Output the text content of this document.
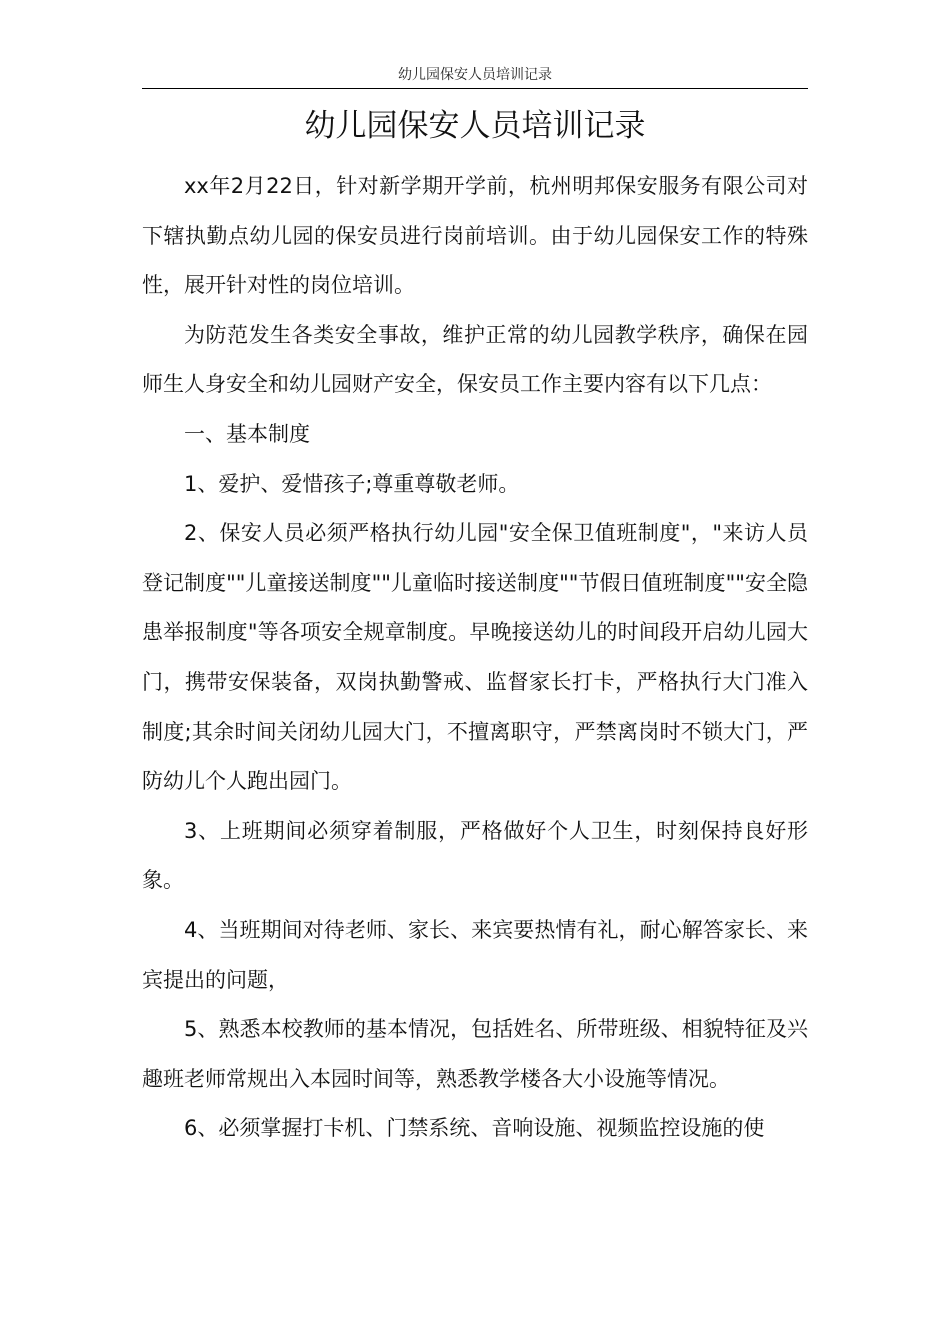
幼儿园保安人员培训记录
幼儿园保安人员培训记录

xx年2月22日，针对新学期开学前，杭州明邦保安服务有限公司对下辖执勤点幼儿园的保安员进行岗前培训。由于幼儿园保安工作的特殊性，展开针对性的岗位培训。

为防范发生各类安全事故，维护正常的幼儿园教学秩序，确保在园师生人身安全和幼儿园财产安全，保安员工作主要内容有以下几点：

一、基本制度

1、爱护、爱惜孩子;尊重尊敬老师。

2、保安人员必须严格执行幼儿园"安全保卫值班制度"，"来访人员登记制度""儿童接送制度""儿童临时接送制度""节假日值班制度""安全隐患举报制度"等各项安全规章制度。早晚接送幼儿的时间段开启幼儿园大门，携带安保装备，双岗执勤警戒、监督家长打卡，严格执行大门准入制度;其余时间关闭幼儿园大门，不擅离职守，严禁离岗时不锁大门，严防幼儿个人跑出园门。

3、上班期间必须穿着制服，严格做好个人卫生，时刻保持良好形象。

4、当班期间对待老师、家长、来宾要热情有礼，耐心解答家长、来宾提出的问题，

5、熟悉本校教师的基本情况，包括姓名、所带班级、相貌特征及兴趣班老师常规出入本园时间等，熟悉教学楼各大小设施等情况。

6、必须掌握打卡机、门禁系统、音响设施、视频监控设施的使
